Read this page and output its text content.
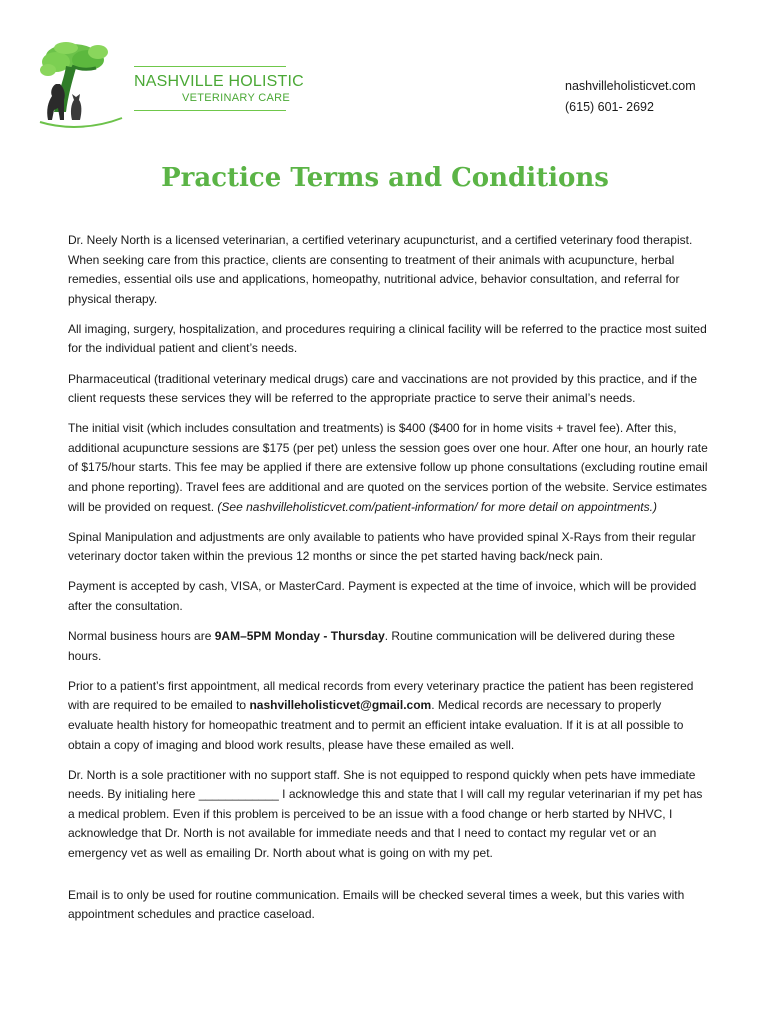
NASHVILLE HOLISTIC
VETERINARY CARE
nashvilleholisticvet.com
(615) 601- 2692
Practice Terms and Conditions

Dr. Neely North is a licensed veterinarian, a certified veterinary acupuncturist, and a certified veterinary food therapist. When seeking care from this practice, clients are consenting to treatment of their animals with acupuncture, herbal remedies, essential oils use and applications, homeopathy, nutritional advice, behavior consultation, and referral for physical therapy.

All imaging, surgery, hospitalization, and procedures requiring a clinical facility will be referred to the practice most suited for the individual patient and client’s needs.

Pharmaceutical (traditional veterinary medical drugs) care and vaccinations are not provided by this practice, and if the client requests these services they will be referred to the appropriate practice to serve their animal’s needs.

The initial visit (which includes consultation and treatments) is $400 ($400 for in home visits + travel fee). After this, additional acupuncture sessions are $175 (per pet) unless the session goes over one hour. After one hour, an hourly rate of $175/hour starts. This fee may be applied if there are extensive follow up phone consultations (excluding routine email and phone reporting). Travel fees are additional and are quoted on the services portion of the website. Service estimates will be provided on request. (See nashvilleholisticvet.com/patient-information/ for more detail on appointments.)

Spinal Manipulation and adjustments are only available to patients who have provided spinal X-Rays from their regular veterinary doctor taken within the previous 12 months or since the pet started having back/neck pain.

Payment is accepted by cash, VISA, or MasterCard. Payment is expected at the time of invoice, which will be provided after the consultation.

Normal business hours are 9AM–5PM Monday - Thursday. Routine communication will be delivered during these hours.

Prior to a patient’s first appointment, all medical records from every veterinary practice the patient has been registered with are required to be emailed to nashvilleholisticvet@gmail.com. Medical records are necessary to properly evaluate health history for homeopathic treatment and to permit an efficient intake evaluation. If it is at all possible to obtain a copy of imaging and blood work results, please have these emailed as well.

Dr. North is a sole practitioner with no support staff. She is not equipped to respond quickly when pets have immediate needs. By initialing here ____________ I acknowledge this and state that I will call my regular veterinarian if my pet has a medical problem. Even if this problem is perceived to be an issue with a food change or herb started by NHVC, I acknowledge that Dr. North is not available for immediate needs and that I need to contact my regular vet or an emergency vet as well as emailing Dr. North about what is going on with my pet.

Email is to only be used for routine communication. Emails will be checked several times a week, but this varies with appointment schedules and practice caseload.
